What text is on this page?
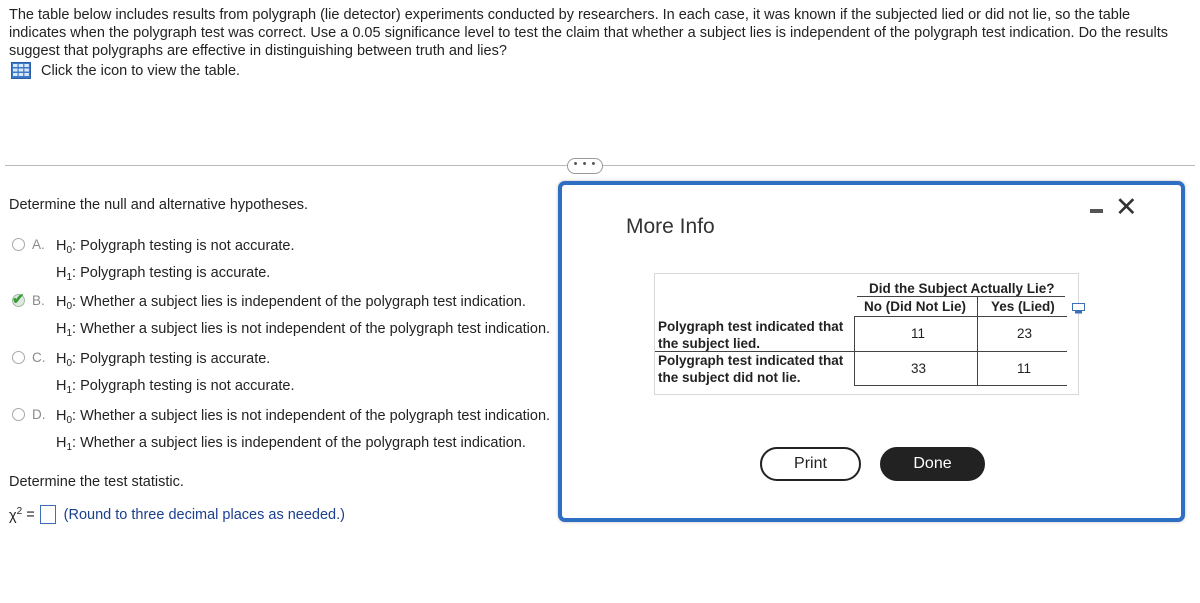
The table below includes results from polygraph (lie detector) experiments conducted by researchers. In each case, it was known if the subjected lied or did not lie, so the table indicates when the polygraph test was correct. Use a 0.05 significance level to test the claim that whether a subject lies is independent of the polygraph test indication. Do the results suggest that polygraphs are effective in distinguishing between truth and lies?
Click the icon to view the table.
• • •
Determine the null and alternative hypotheses.
A. $H_0$: Polygraph testing is not accurate.
$H_1$: Polygraph testing is accurate.
✔ B. $H_0$: Whether a subject lies is independent of the polygraph test indication.
$H_1$: Whether a subject lies is not independent of the polygraph test indication.
C. $H_0$: Polygraph testing is accurate.
$H_1$: Polygraph testing is not accurate.
D. $H_0$: Whether a subject lies is not independent of the polygraph test indication.
$H_1$: Whether a subject lies is independent of the polygraph test indication.
Determine the test statistic.
$\chi^2$ = (Round to three decimal places as needed.)
More Info
✕
Did the Subject Actually Lie?
No (Did Not Lie) Yes (Lied)
Polygraph test indicated that
the subject lied.
11	23
Polygraph test indicated that
the subject did not lie.
33	11
Print	Done
